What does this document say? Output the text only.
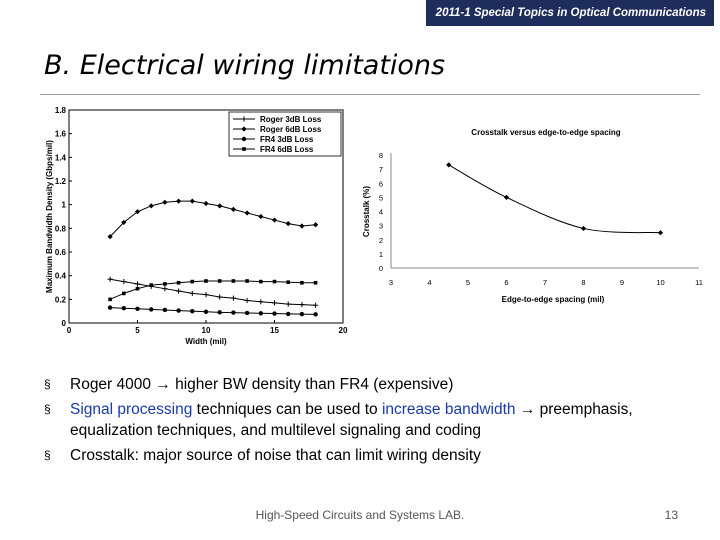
2011-1 Special Topics in Optical Communications
B. Electrical wiring limitations
0
0.2
0.4
0.6
0.8
1
1.2
1.4
1.6
1.8
0	5	10	15	20
Width (mil)
Maximum Bandwidth Density (Gbps/mil)
Roger 3dB Loss
Roger 6dB Loss
FR4 3dB Loss
FR4 6dB Loss
Crosstalk versus edge-to-edge spacing
0
1
2
3
4
5
6
7
8
3	4	5	6	7	8	9	10	11
Edge-to-edge spacing (mil)
Crosstalk (%)
§ Roger 4000 → higher BW density than FR4 (expensive)
§ Signal processing techniques can be used to increase bandwidth → preemphasis, equalization techniques, and multilevel signaling and coding
§ Crosstalk: major source of noise that can limit wiring density
High-Speed Circuits and Systems LAB.	13
